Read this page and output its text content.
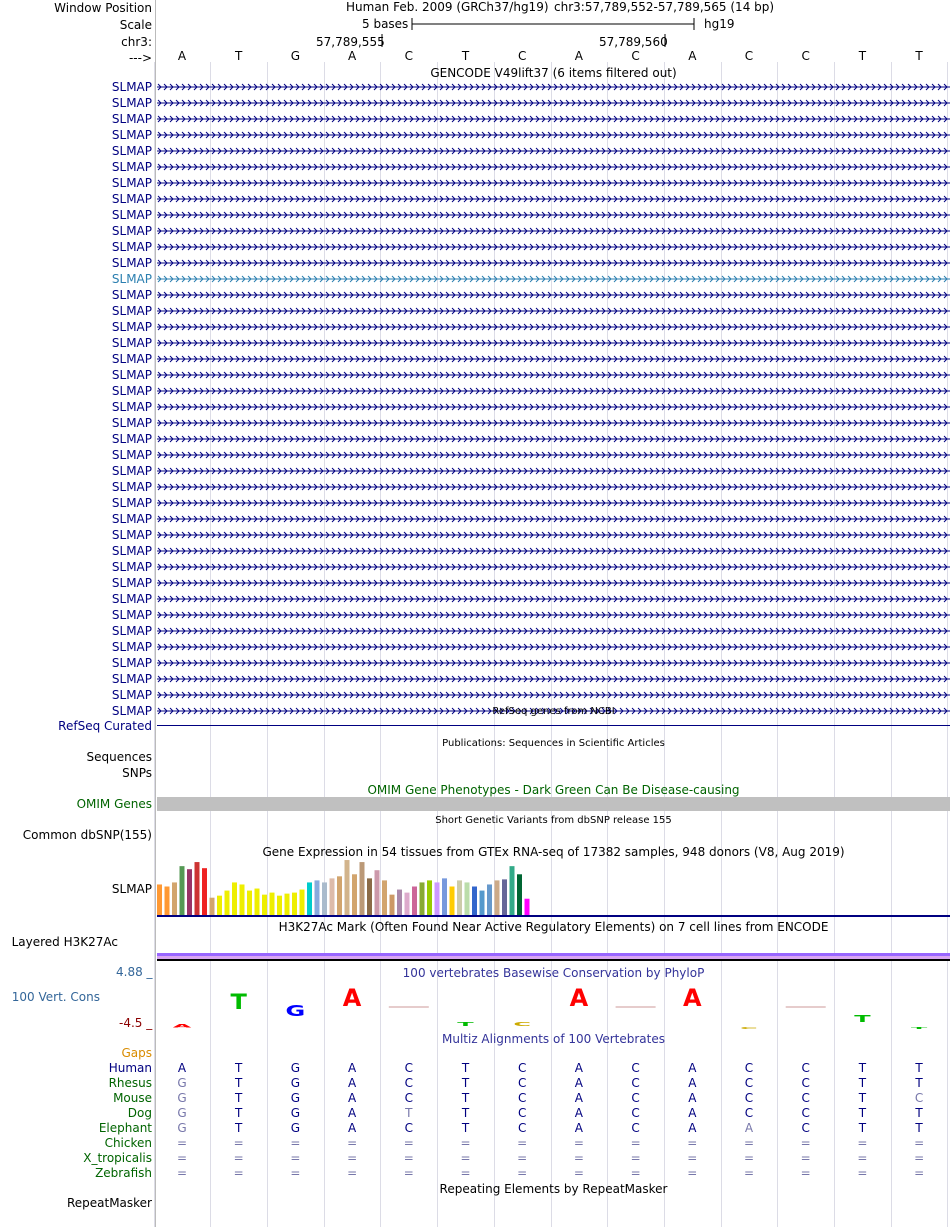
Window Position
Scale
chr3:
--->
Human Feb. 2009 (GRCh37/hg19) chr3:57,789,552-57,789,565 (14 bp)
5 bases	hg19
57,789,555	57,789,560
A	T	G	A	C	T	C	A	C	A	C	C	T	T
GENCODE V49lift37 (6 items filtered out)
SLMAP
SLMAP
SLMAP
SLMAP
SLMAP
SLMAP
SLMAP
SLMAP
SLMAP
SLMAP
SLMAP
SLMAP
SLMAP
SLMAP
SLMAP
SLMAP
SLMAP
SLMAP
SLMAP
SLMAP
SLMAP
SLMAP
SLMAP
SLMAP
SLMAP
SLMAP
SLMAP
SLMAP
SLMAP
SLMAP
SLMAP
SLMAP
SLMAP
SLMAP
SLMAP
SLMAP
SLMAP
SLMAP
SLMAP
SLMAP	RefSeq genes from NCBI
RefSeq Curated
Publications: Sequences in Scientific Articles
Sequences
SNPs
OMIM Gene Phenotypes - Dark Green Can Be Disease-causing
OMIM Genes
Short Genetic Variants from dbSNP release 155
Common dbSNP(155)
Gene Expression in 54 tissues from GTEx RNA-seq of 17382 samples, 948 donors (V8, Aug 2019)
SLMAP
H3K27Ac Mark (Often Found Near Active Regulatory Elements) on 7 cell lines from ENCODE
Layered H3K27Ac
100 vertebrates Basewise Conservation by PhyloP
4.88 _
100 Vert. Cons
-4.5 _ A
T G A
T C
A	A
C
T
T
Multiz Alignments of 100 Vertebrates
Gaps
Human	A	T	G	A	C	T	C	A	C	A	C	C	T	T
Rhesus	G	T	G	A	C	T	C	A	C	A	C	C	T	T
Mouse	G	T	G	A	C	T	C	A	C	A	C	C	T	C
Dog	G	T	G	A	T	T	C	A	C	A	C	C	T	T
Elephant	G	T	G	A	C	T	C	A	C	A	A	C	T	T
Chicken	=	=	=	=	=	=	=	=	=	=	=	=	=	=
X_tropicalis	=	=	=	=	=	=	=	=	=	=	=	=	=	=
Zebrafish	=	=	=	=	=	=	=	=	=	=	=	=	=	=
Repeating Elements by RepeatMasker
RepeatMasker
